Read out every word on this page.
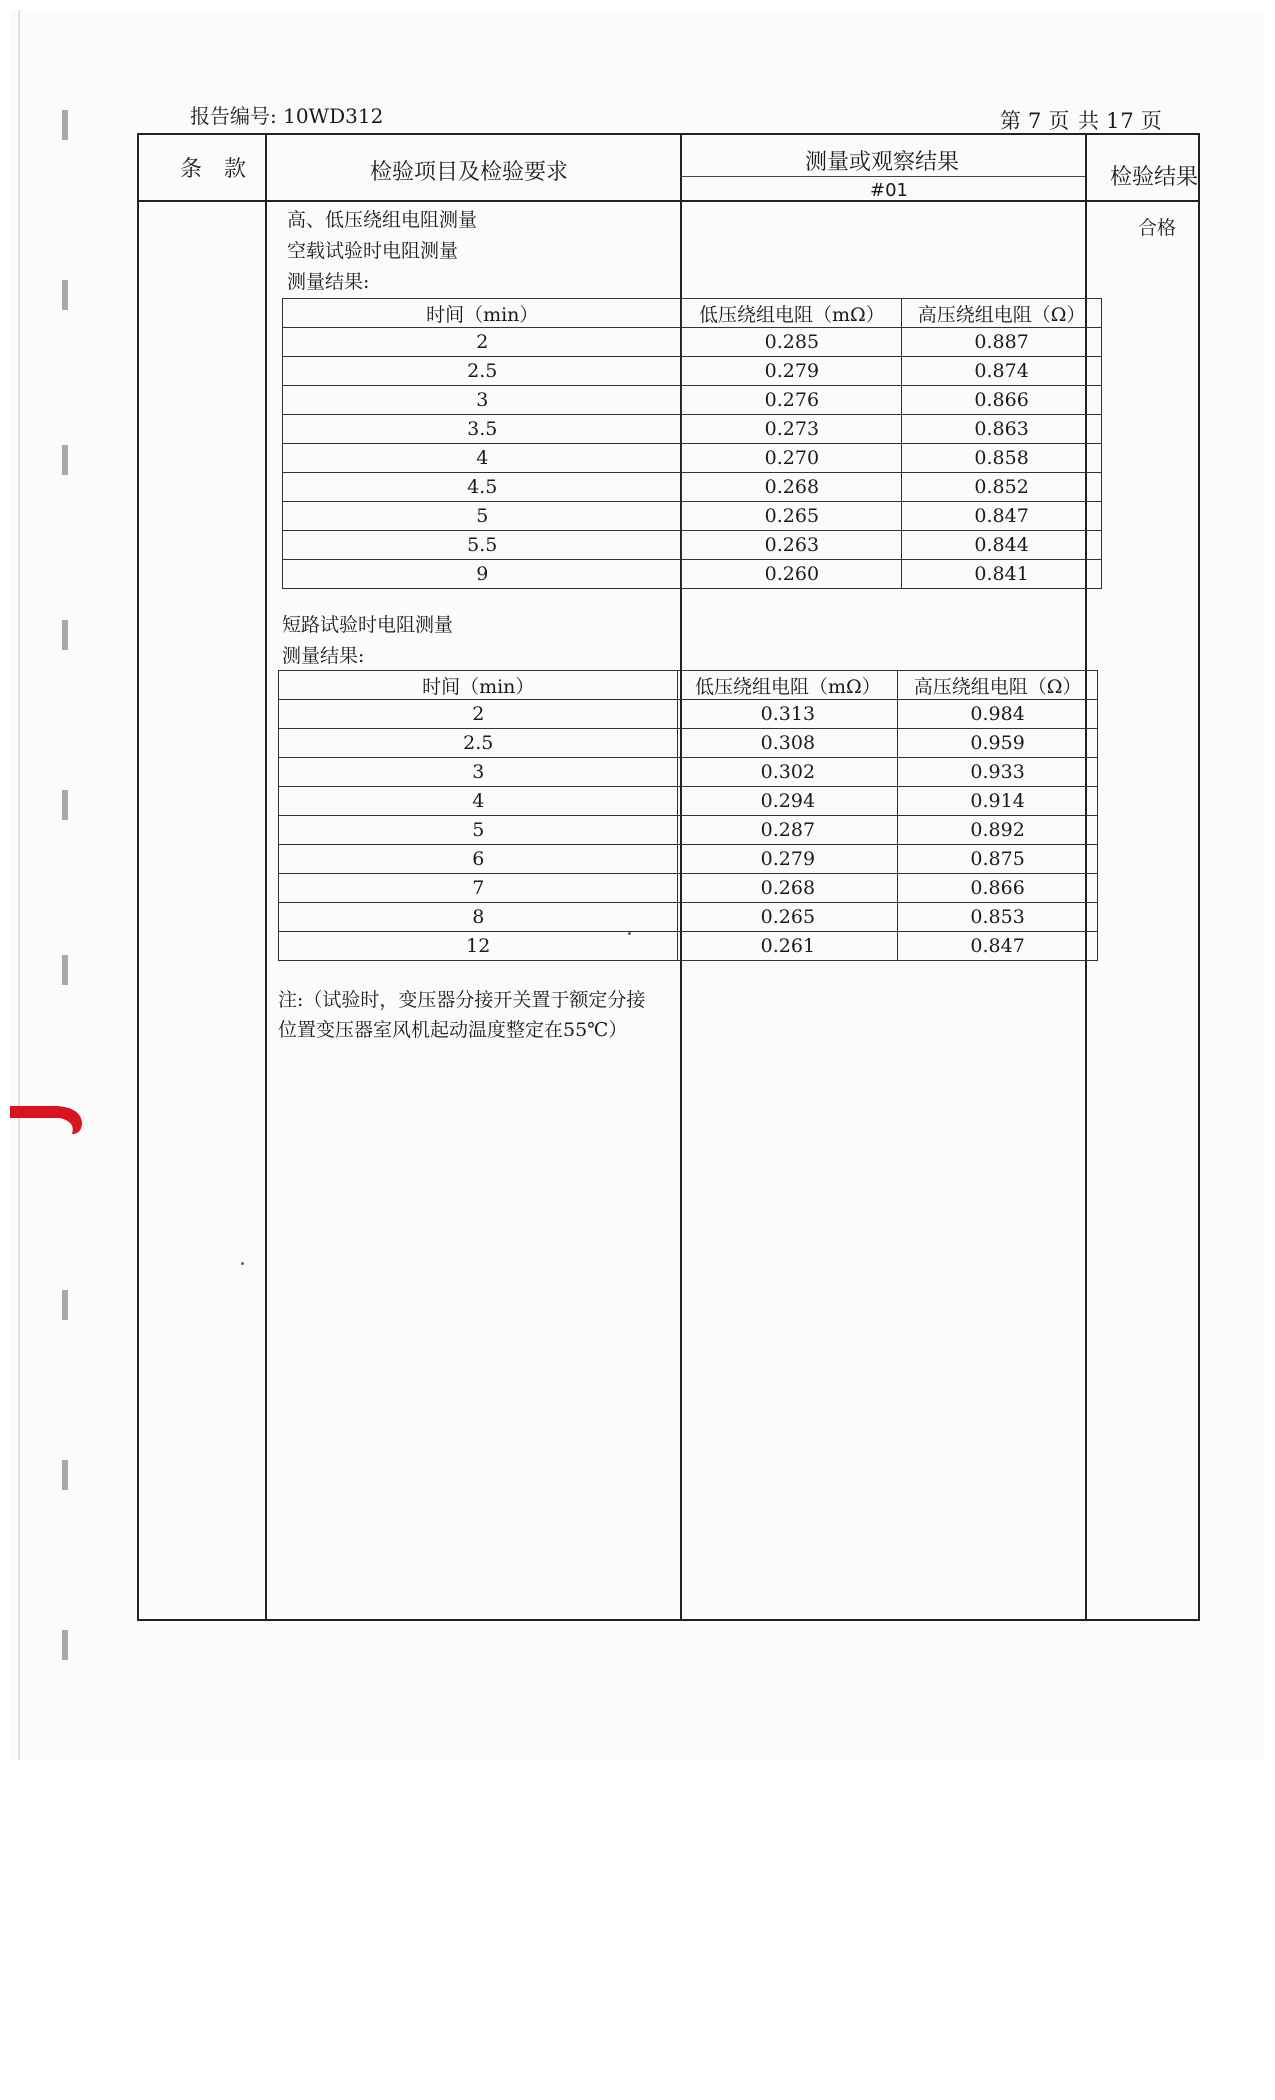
报告编号: 10WD312	第 7 页 共 17 页
条　款	检验项目及检验要求	测量或观察结果
#01
检验结果
合格
高、低压绕组电阻测量
空载试验时电阻测量
测量结果:
时间（min）	低压绕组电阻（mΩ）	高压绕组电阻（Ω）
2	0.285	0.887
2.5	0.279	0.874
3	0.276	0.866
3.5	0.273	0.863
4	0.270	0.858
4.5	0.268	0.852
5	0.265	0.847
5.5	0.263	0.844
9	0.260	0.841
短路试验时电阻测量
测量结果:
时间（min）	低压绕组电阻（mΩ）	高压绕组电阻（Ω）
2	0.313	0.984
2.5	0.308	0.959
3	0.302	0.933
4	0.294	0.914
5	0.287	0.892
6	0.279	0.875
7	0.268	0.866
8	0.265	0.853
12	0.261	0.847
注:（试验时，变压器分接开关置于额定分接
位置变压器室风机起动温度整定在55℃）
